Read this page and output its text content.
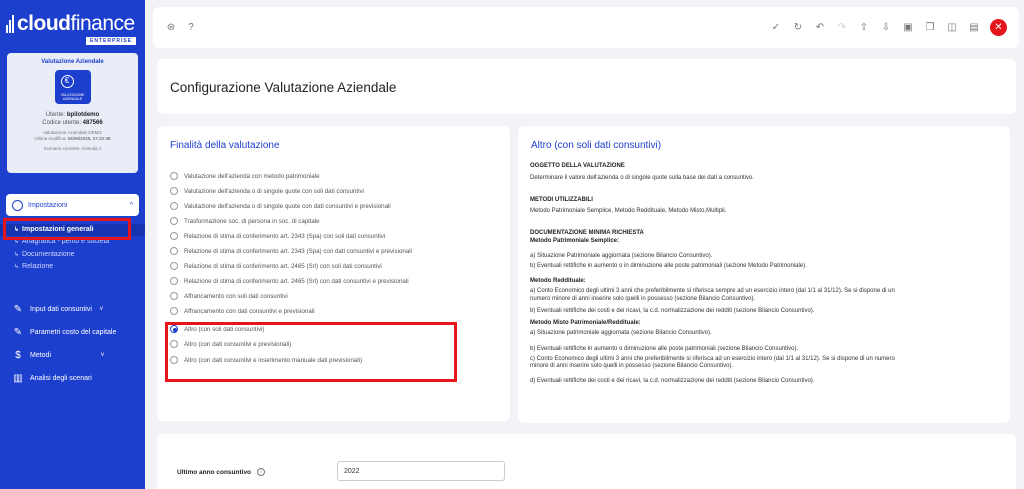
cloudfinance
ENTERPRISE
Valutazione Aziendale
€
VALUTAZIONE AZIENDALE
Utente: bpilotdemo
Codice utente: 487566
Valutazione Aziendale DEMO
Ultima modifica: 04/06/2025, 17:22:36
Scenario corrente: Azienda 1
Impostazioni	^
↳ Impostazioni generali
↳ Anagrafica - perito e società
↳ Documentazione
↳ Relazione
✎ Input dati consuntivi v
✎ Parametri costo del capitale
$	Metodi	v
▥ Analisi degli scenari
⊛	?	✓ ↻ ↶ ↷ ⇧ ⇩ ▣ ❐ ◫ ▤	✕
Configurazione Valutazione Aziendale
Finalità della valutazione
Valutazione dell'azienda con metodo patrimoniale
Valutazione dell'azienda o di singole quote con soli dati consuntivi
Valutazione dell'azienda o di singole quote con dati consuntivi e previsionali
Trasformazione soc. di persona in soc. di capitale
Relazione di stima di conferimento art. 2343 (Spa) con soli dati consuntivi
Relazione di stima di conferimento art. 2343 (Spa) con dati consuntivi e previsionali
Relazione di stima di conferimento art. 2465 (Srl) con soli dati consuntivi
Relazione di stima di conferimento art. 2465 (Srl) con dati consuntivi e previsionali
Affrancamento con soli dati consuntivi
Affrancamento con dati consuntivi e previsionali
Altro (con soli dati consuntivi)
Altro (con dati consuntivi e previsionali)
Altro (con dati consuntivi e inserimento manuale dati previsionali)
Altro (con soli dati consuntivi)
OGGETTO DELLA VALUTAZIONE
Determinare il valore dell'azienda o di singole quote sulla base dei dati a consuntivo.
METODI UTILIZZABILI
Metodo Patrimoniale Semplice, Metodo Reddituale, Metodo Misto,Multipli.
DOCUMENTAZIONE MINIMA RICHIESTA
Metodo Patrimoniale Semplice:
a) Situazione Patrimoniale aggiornata (sezione Bilancio Consuntivo).
b) Eventuali rettifiche in aumento o in diminuzione alle poste patrimoniali (sezione Metodo Patrimoniale).
Metodo Reddituale:
a) Conto Economico degli ultimi 3 anni che preferibilmente si riferisca sempre ad un esercizio intero (dal 1/1 al 31/12). Se si dispone di un
numero minore di anni inserire solo quelli in possesso (sezione Bilancio Consuntivo).
b) Eventuali rettifiche dei costi e dei ricavi, la c.d. normalizzazione dei redditi (sezione Bilancio Consuntivo).
Metodo Misto Patrimoniale/Reddituale:
a) Situazione patrimoniale aggiornata (sezione Bilancio Consuntivo).
b) Eventuali rettifiche in aumento o diminuzione alle poste patrimoniali (sezione Bilancio Consuntivo).
c) Conto Economico degli ultimi 3 anni che preferibilmente si riferisca ad un esercizio intero (dal 1/1 al 31/12). Se si dispone di un numero
minore di anni inserire solo quelli in possesso (sezione Bilancio Consuntivo).
d) Eventuali rettifiche dei costi e dei ricavi, la c.d. normalizzazione dei redditi (sezione Bilancio Consuntivo).
Ultimo anno consuntivo	i
2022
